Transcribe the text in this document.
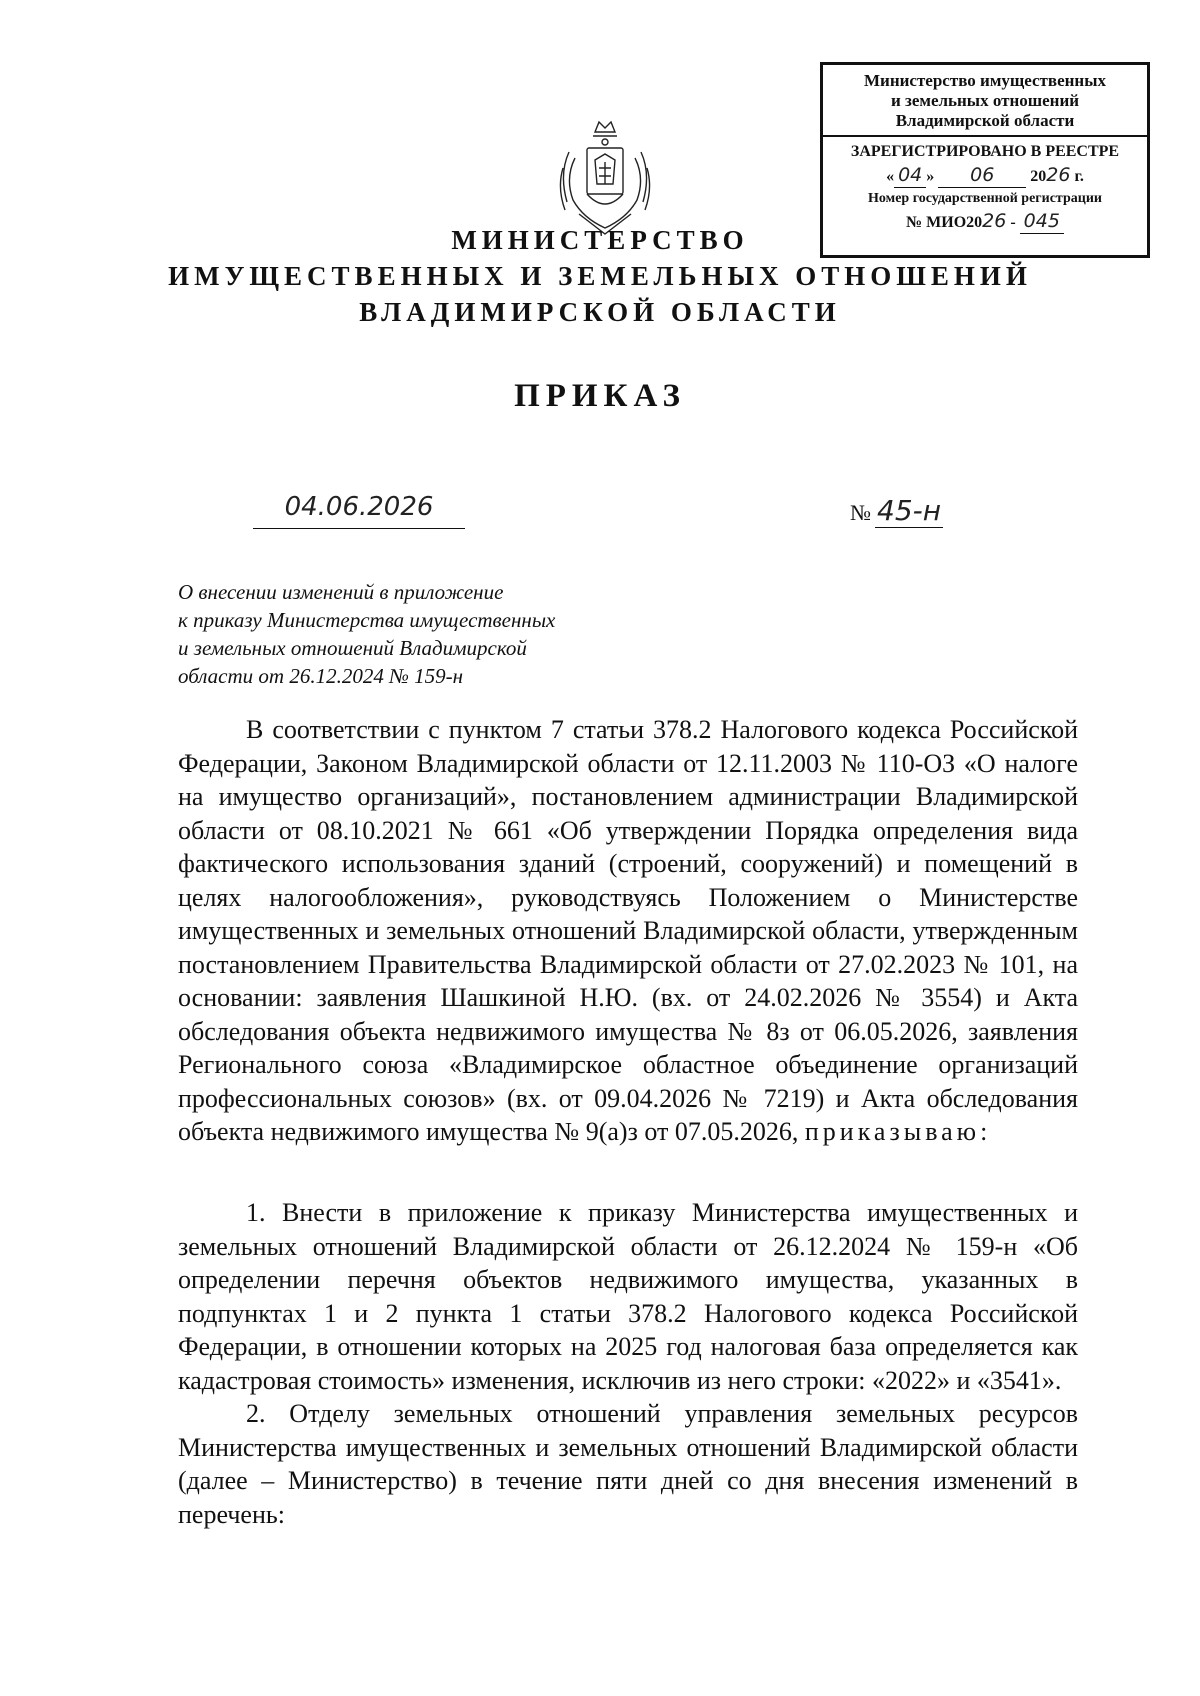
Министерство имущественных
и земельных отношений
Владимирской области
ЗАРЕГИСТРИРОВАНО В РЕЕСТРЕ
« 04 » 06 2026 г.
Номер государственной регистрации
№ МИО2026 - 045
МИНИСТЕРСТВО
ИМУЩЕСТВЕННЫХ И ЗЕМЕЛЬНЫХ ОТНОШЕНИЙ
ВЛАДИМИРСКОЙ ОБЛАСТИ
ПРИКАЗ
04.06.2026	№ 45-н
О внесении изменений в приложение
к приказу Министерства имущественных
и земельных отношений Владимирской
области от 26.12.2024 № 159-н

В соответствии с пунктом 7 статьи 378.2 Налогового кодекса Российской Федерации, Законом Владимирской области от 12.11.2003 № 110-ОЗ «О налоге на имущество организаций», постановлением администрации Владимирской области от 08.10.2021 № 661 «Об утверждении Порядка определения вида фактического использования зданий (строений, сооружений) и помещений в целях налогообложения», руководствуясь Положением о Министерстве имущественных и земельных отношений Владимирской области, утвержденным постановлением Правительства Владимирской области от 27.02.2023 № 101, на основании: заявления Шашкиной Н.Ю. (вх. от 24.02.2026 № 3554) и Акта обследования объекта недвижимого имущества № 8з от 06.05.2026, заявления Регионального союза «Владимирское областное объединение организаций профессиональных союзов» (вх. от 09.04.2026 № 7219) и Акта обследования объекта недвижимого имущества № 9(а)з от 07.05.2026, приказываю:

1. Внести в приложение к приказу Министерства имущественных и земельных отношений Владимирской области от 26.12.2024 № 159-н «Об определении перечня объектов недвижимого имущества, указанных в подпунктах 1 и 2 пункта 1 статьи 378.2 Налогового кодекса Российской Федерации, в отношении которых на 2025 год налоговая база определяется как кадастровая стоимость» изменения, исключив из него строки: «2022» и «3541».

2. Отделу земельных отношений управления земельных ресурсов Министерства имущественных и земельных отношений Владимирской области (далее – Министерство) в течение пяти дней со дня внесения изменений в перечень:
